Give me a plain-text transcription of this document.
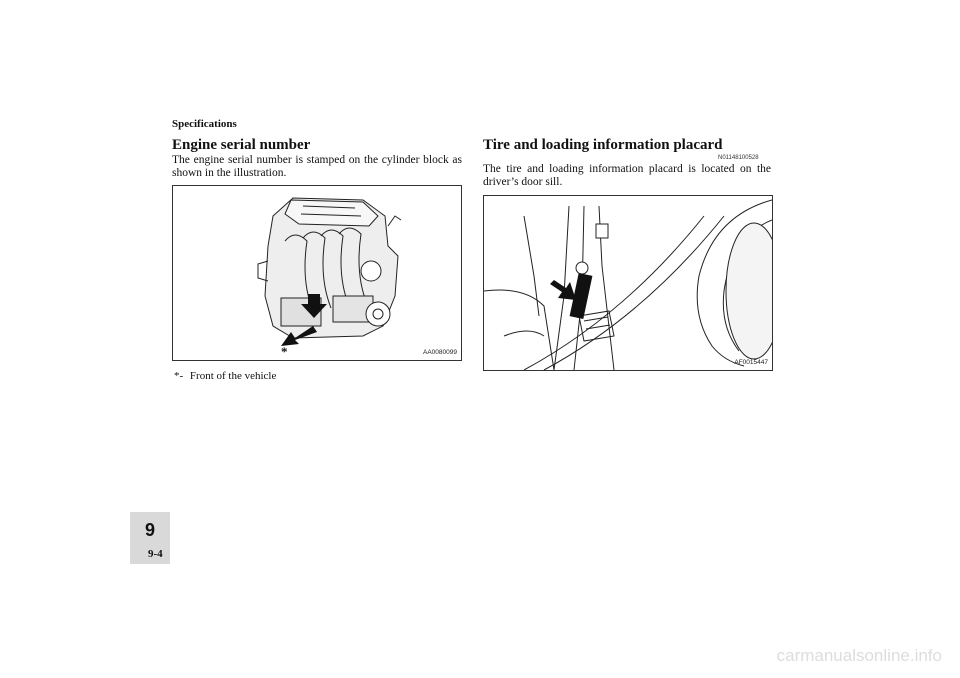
Specifications
Engine serial number
The engine serial number is stamped on the cylinder block as shown in the illustration.
*	AA0080099
*- Front of the vehicle
Tire and loading information placard
N01148100528
The tire and loading information placard is located on the driver’s door sill.
AF0015447
9
9-4
carmanualsonline.info
